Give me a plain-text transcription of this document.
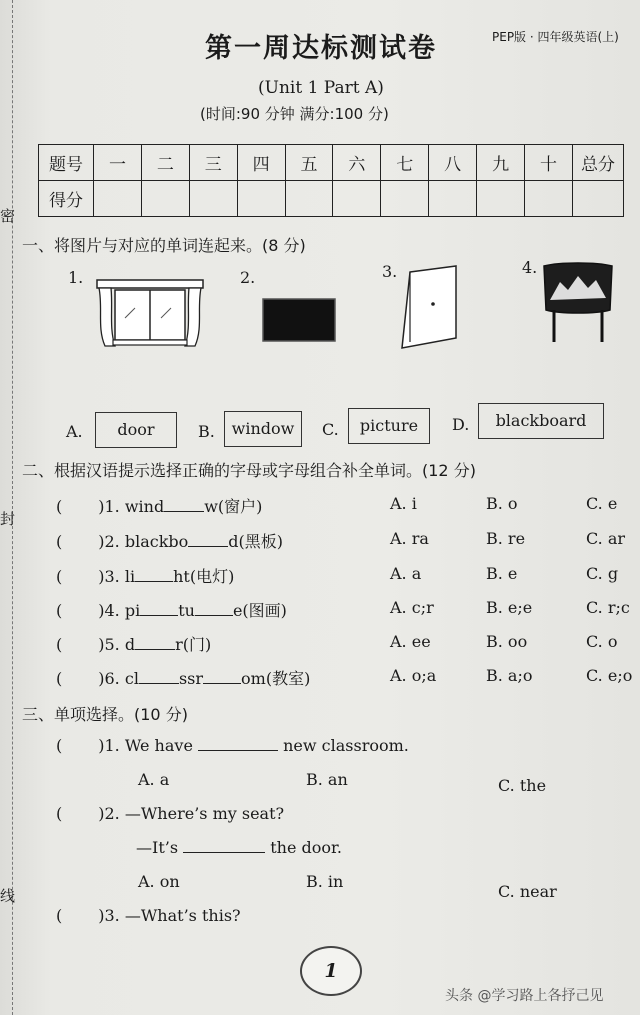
密
封
线
第一周达标测试卷	PEP版 · 四年级英语(上)
(Unit 1 Part A)
(时间:90 分钟 满分:100 分)
题号	一	二	三	四	五	六	七	八	九	十	总分
得分											
一、将图片与对应的单词连起来。(8 分)
1.	2.	3.	4.
A.	door	B.	window	C.	picture	D.	blackboard
二、根据汉语提示选择正确的字母或字母组合补全单词。(12 分)
( )1. wind	w(窗户)
( )2. blackbo	d(黑板)
( )3. li ht(电灯)
( )4. pi tu e(图画)
( )5. d	r(门)
( )6. cl	ssr om(教室)
A. i	B. o	C. e
A. ra	B. re	C. ar
A. a	B. e	C. g
A. c;r	B. e;e	C. r;c
A. ee	B. oo	C. o
A. o;a	B. a;o	C. e;o
三、单项选择。(10 分)
( )1. We have	new classroom.
A. a	B. an	C. the
( )2. —Where’s my seat?
—It’s	the door.
A. on	B. in
C. near
( )3. —What’s this?
1
头条 @学习路上各抒己见
